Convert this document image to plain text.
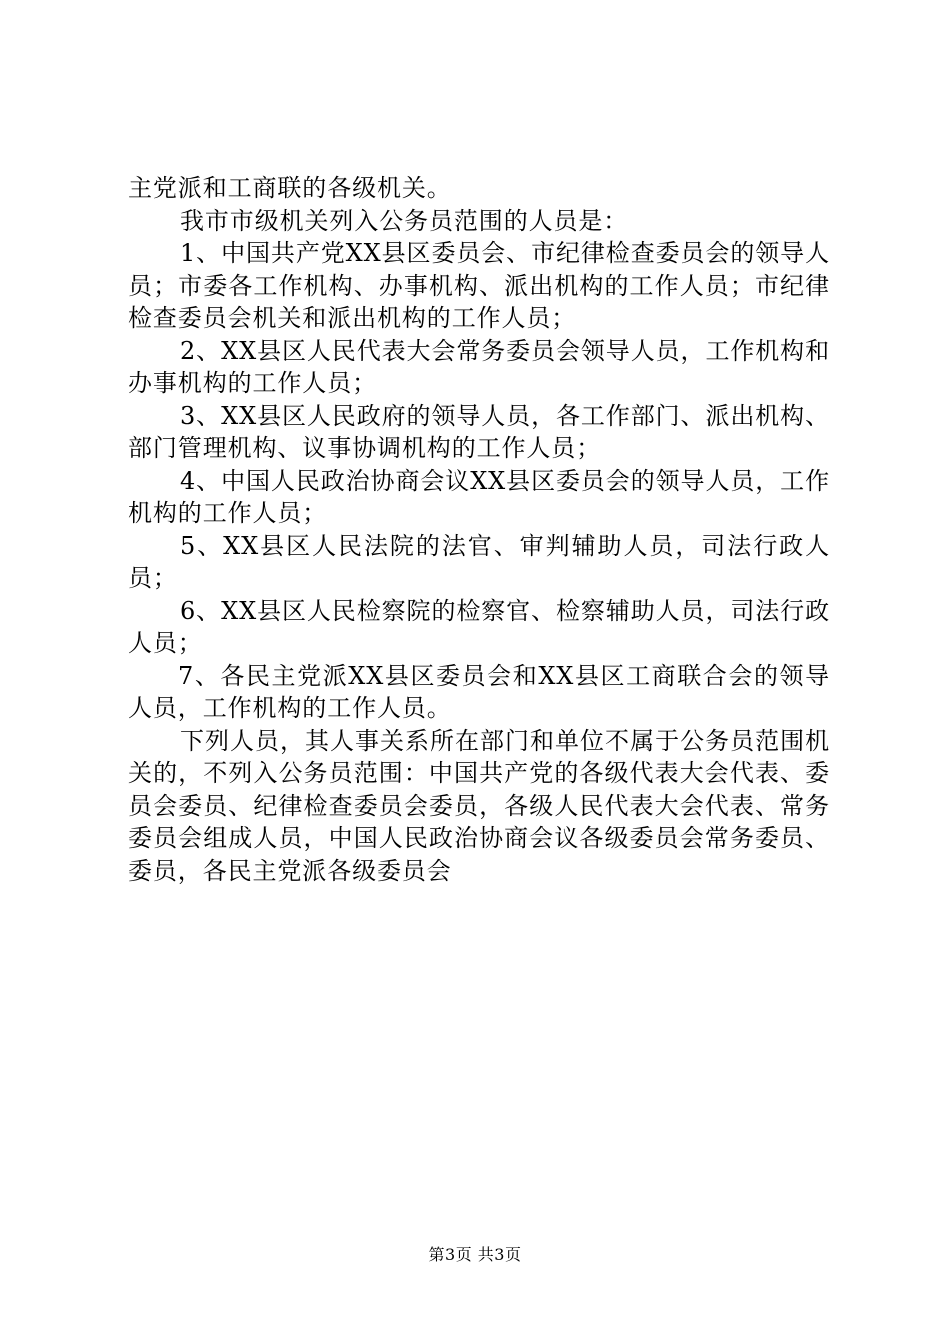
主党派和工商联的各级机关。

我市市级机关列入公务员范围的人员是：

1、中国共产党XX县区委员会、市纪律检查委员会的领导人员；市委各工作机构、办事机构、派出机构的工作人员；市纪律检查委员会机关和派出机构的工作人员；

2、XX县区人民代表大会常务委员会领导人员，工作机构和办事机构的工作人员；

3、XX县区人民政府的领导人员，各工作部门、派出机构、部门管理机构、议事协调机构的工作人员；

4、中国人民政治协商会议XX县区委员会的领导人员，工作机构的工作人员；

5、XX县区人民法院的法官、审判辅助人员，司法行政人员；

6、XX县区人民检察院的检察官、检察辅助人员，司法行政人员；

7、各民主党派XX县区委员会和XX县区工商联合会的领导人员，工作机构的工作人员。

下列人员，其人事关系所在部门和单位不属于公务员范围机关的，不列入公务员范围：中国共产党的各级代表大会代表、委员会委员、纪律检查委员会委员，各级人民代表大会代表、常务委员会组成人员，中国人民政治协商会议各级委员会常务委员、委员，各民主党派各级委员会

第3页 共3页
